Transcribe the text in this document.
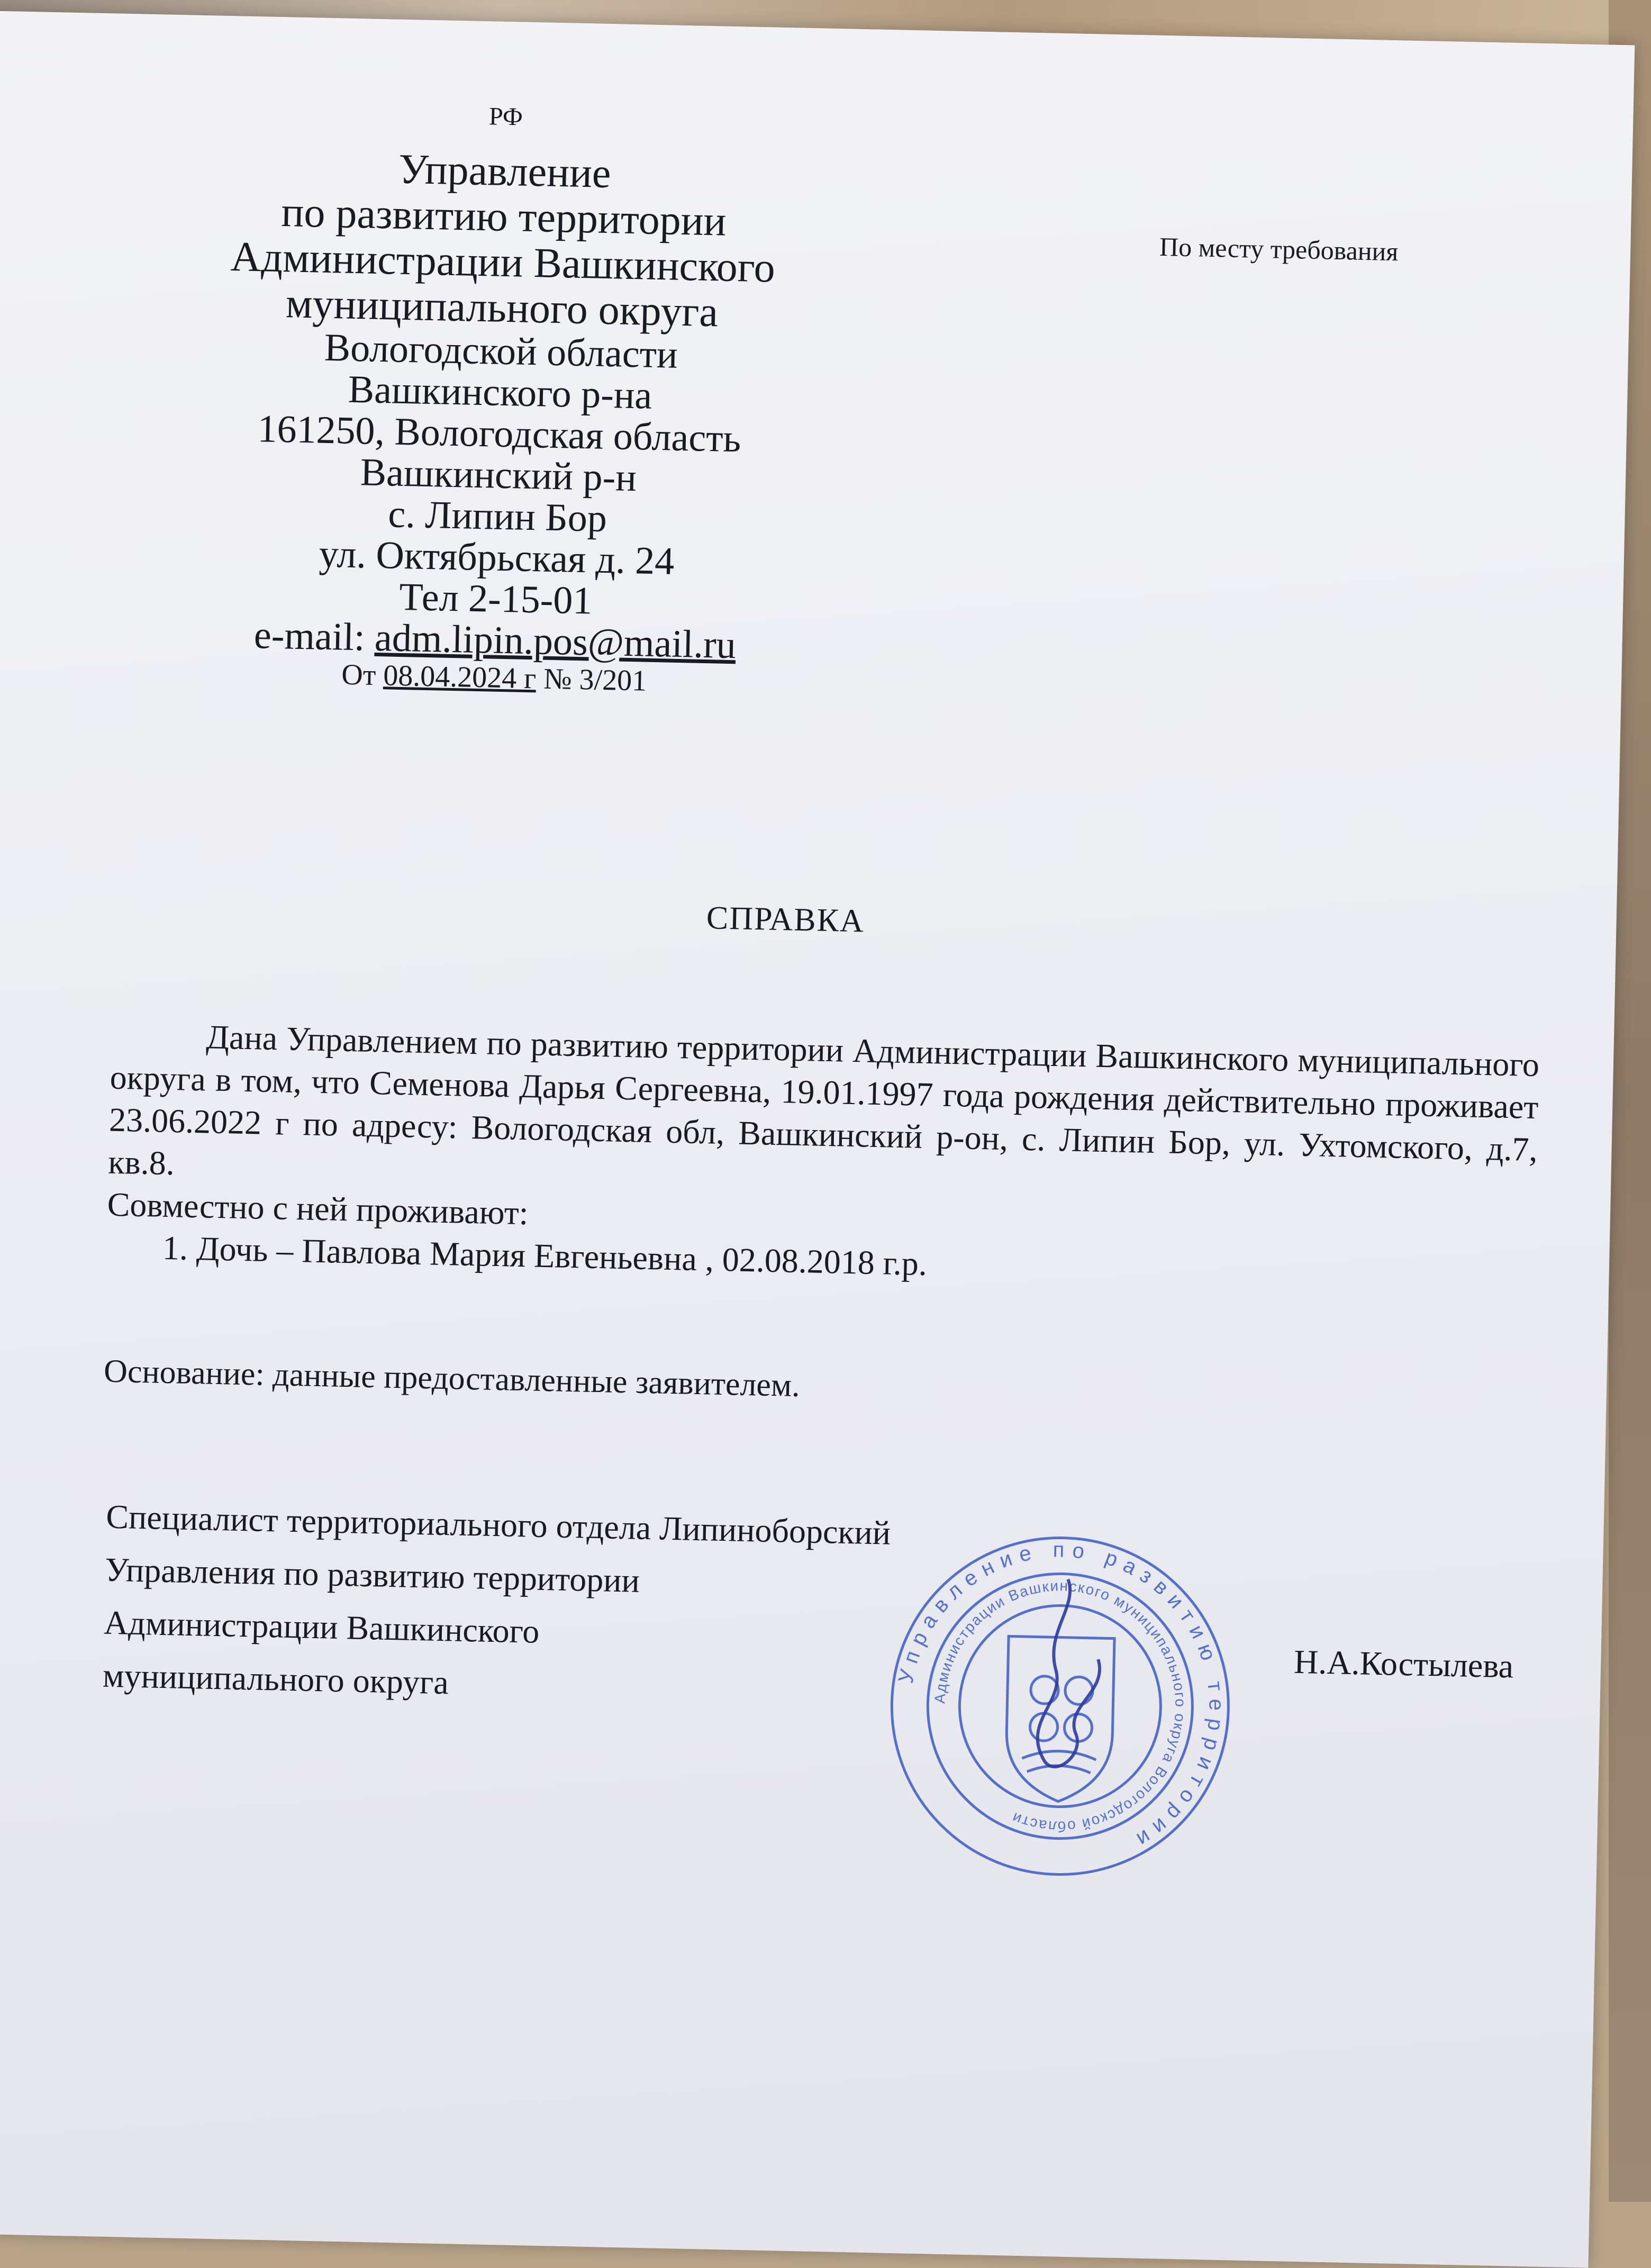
РФ
Управление
по развитию территории
Администрации Вашкинского
муниципального округа
Вологодской области
Вашкинского р-на
161250, Вологодская область
Вашкинский р-н
с. Липин Бор
ул. Октябрьская д. 24
Тел 2-15-01
e-mail: adm.lipin.pos@mail.ru
От 08.04.2024 г № 3/201
По месту требования
СПРАВКА

Дана Управлением по развитию территории Администрации Вашкинского муниципального округа в том, что Семенова Дарья Сергеевна, 19.01.1997 года рождения действительно проживает 23.06.2022 г по адресу: Вологодская обл, Вашкинский р-он, с. Липин Бор, ул. Ухтомского, д.7, кв.8.

Совместно с ней проживают:

1. Дочь – Павлова Мария Евгеньевна , 02.08.2018 г.р.
Основание: данные предоставленные заявителем.
Специалист территориального отдела Липиноборский
Управления по развитию территории
Администрации Вашкинского
муниципального округа	Н.А.Костылева
Управление по развитию территории
Администрации Вашкинского муниципального округа Вологодской области
